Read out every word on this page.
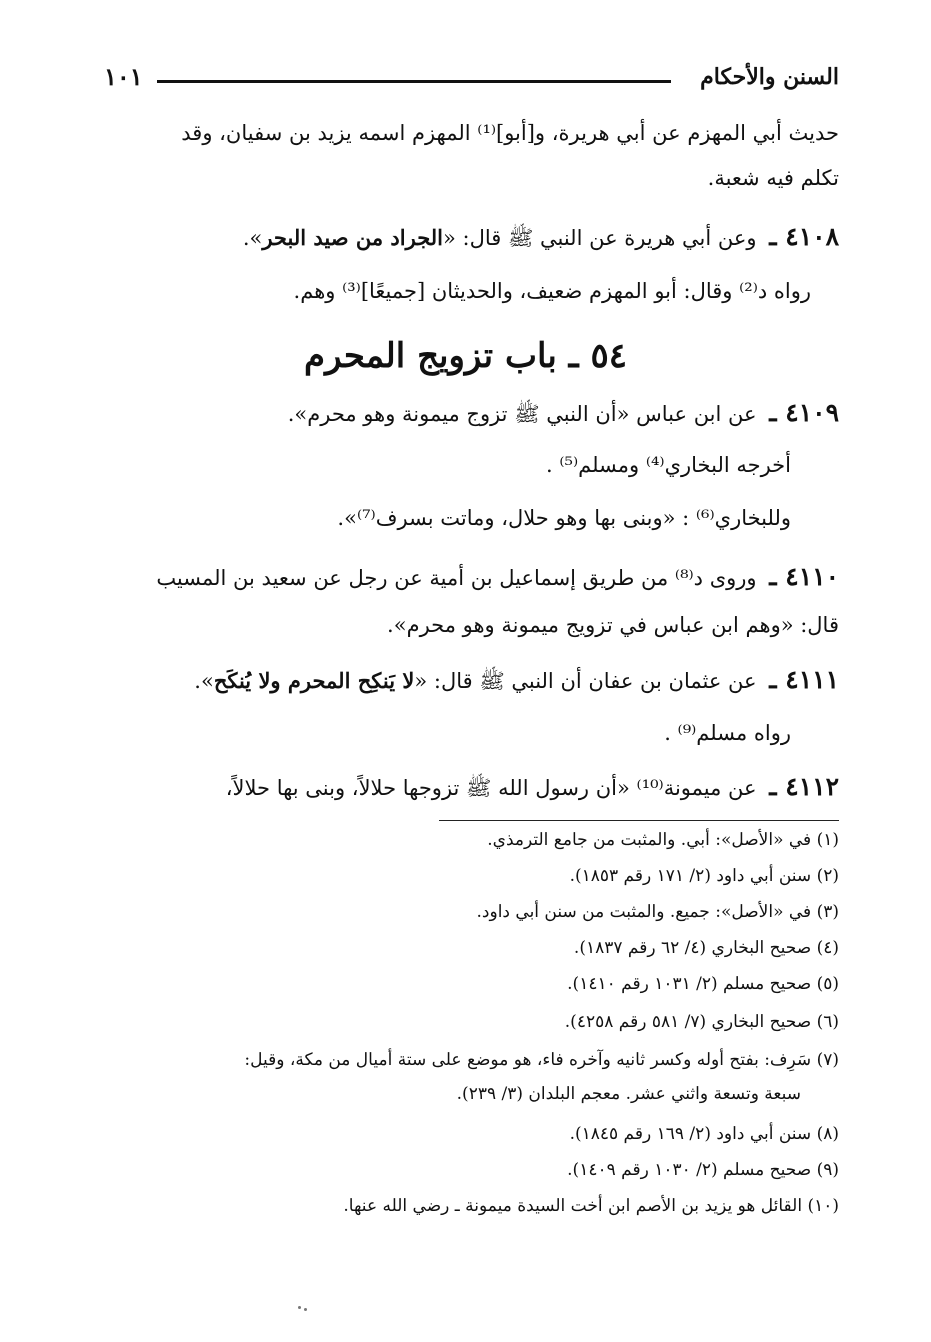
السنن والأحكام
١٠١
حديث أبي المهزم عن أبي هريرة، و[أبو]⁽¹⁾ المهزم اسمه يزيد بن سفيان، وقد
تكلم فيه شعبة.
٤١٠٨ ـ وعن أبي هريرة عن النبي ﷺ قال: «الجراد من صيد البحر».
رواه د⁽²⁾ وقال: أبو المهزم ضعيف، والحديثان [جميعًا]⁽³⁾ وهم.
٥٤ ـ باب تزويج المحرم
٤١٠٩ ـ عن ابن عباس «أن النبي ﷺ تزوج ميمونة وهو محرم».
أخرجه البخاري⁽⁴⁾ ومسلم⁽⁵⁾ .
وللبخاري⁽⁶⁾ : «وبنى بها وهو حلال، وماتت بسرف⁽⁷⁾».
٤١١٠ ـ وروى د⁽⁸⁾ من طريق إسماعيل بن أمية عن رجل عن سعيد بن المسيب
قال: «وهم ابن عباس في تزويج ميمونة وهو محرم».
٤١١١ ـ عن عثمان بن عفان أن النبي ﷺ قال: «لا يَنكِح المحرم ولا يُنكَح».
رواه مسلم⁽⁹⁾ .
٤١١٢ ـ عن ميمونة⁽¹⁰⁾ «أن رسول الله ﷺ تزوجها حلالاً، وبنى بها حلالاً،
(١) في «الأصل»: أبي. والمثبت من جامع الترمذي.
(٢) سنن أبي داود (٢/ ١٧١ رقم ١٨٥٣).
(٣) في «الأصل»: جميع. والمثبت من سنن أبي داود.
(٤) صحيح البخاري (٤/ ٦٢ رقم ١٨٣٧).
(٥) صحيح مسلم (٢/ ١٠٣١ رقم ١٤١٠).
(٦) صحيح البخاري (٧/ ٥٨١ رقم ٤٢٥٨).
(٧) سَرِف: بفتح أوله وكسر ثانيه وآخره فاء، هو موضع على ستة أميال من مكة، وقيل:
سبعة وتسعة واثني عشر. معجم البلدان (٣/ ٢٣٩).
(٨) سنن أبي داود (٢/ ١٦٩ رقم ١٨٤٥).
(٩) صحيح مسلم (٢/ ١٠٣٠ رقم ١٤٠٩).
(١٠) القائل هو يزيد بن الأصم ابن أخت السيدة ميمونة ـ رضي الله عنها.
